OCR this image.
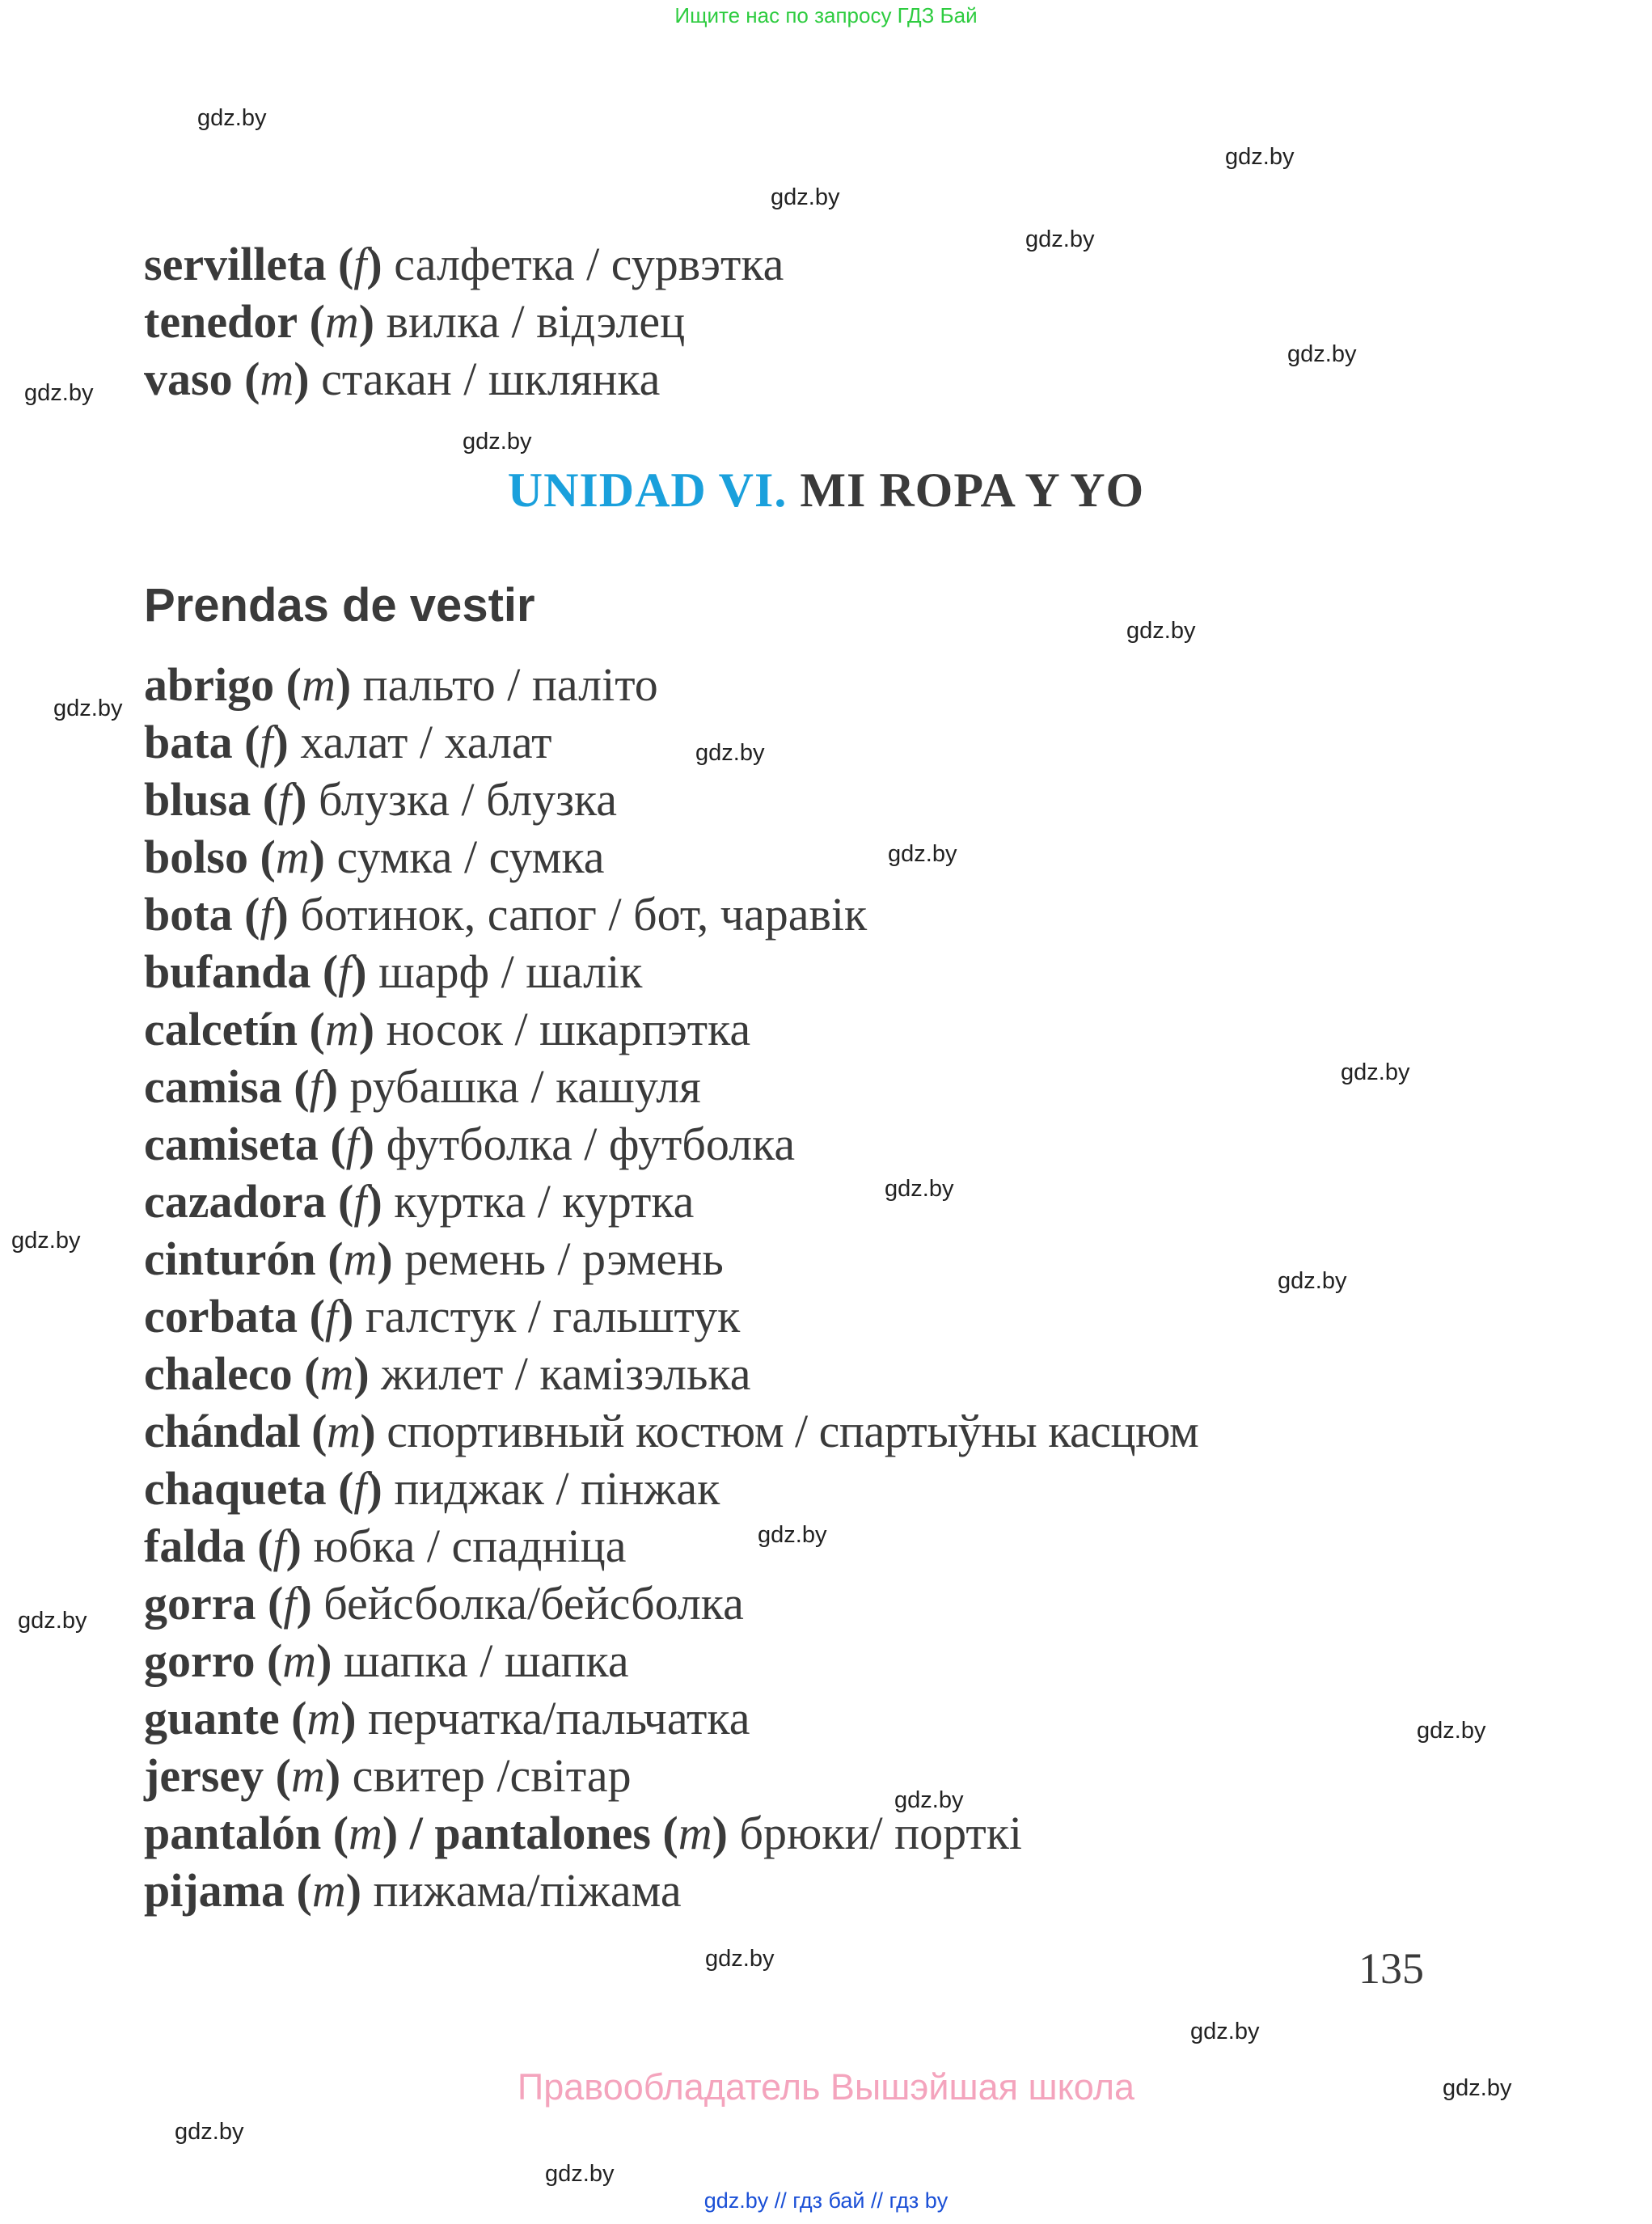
Ищите нас по запросу ГДЗ Бай
gdz.by
gdz.by
gdz.by
gdz.by
gdz.by
gdz.by
gdz.by
gdz.by
gdz.by
gdz.by
gdz.by
gdz.by
gdz.by
gdz.by
gdz.by
gdz.by
gdz.by
gdz.by
gdz.by
gdz.by
gdz.by
gdz.by
gdz.by
gdz.by
servilleta (f) салфетка / сурвэтка
tenedor (m) вилка / відэлец
vaso (m) стакан / шклянка
UNIDAD VI. MI ROPA Y YO
Prendas de vestir
abrigo (m) пальто / паліто
bata (f) халат / халат
blusa (f) блузка / блузка
bolso (m) сумка / сумка
bota (f) ботинок, сапог / бот, чаравік
bufanda (f) шарф / шалік
calcetín (m) носок / шкарпэтка
camisa (f) рубашка / кашуля
camiseta (f) футболка / футболка
cazadora (f) куртка / куртка
cinturón (m) ремень / рэмень
corbata (f) галстук / гальштук
chaleco (m) жилет / камізэлька
chándal (m) спортивный костюм / спартыўны касцюм
chaqueta (f) пиджак / пінжак
falda (f) юбка / спадніца
gorra (f) бейсболка/бейсболка
gorro (m) шапка / шапка
guante (m) перчатка/пальчатка
jersey (m) свитер /світар
pantalón (m) / pantalones (m) брюки/ порткі
pijama (m) пижама/піжама
135
Правообладатель Вышэйшая школа
gdz.by // гдз бай // гдз by
